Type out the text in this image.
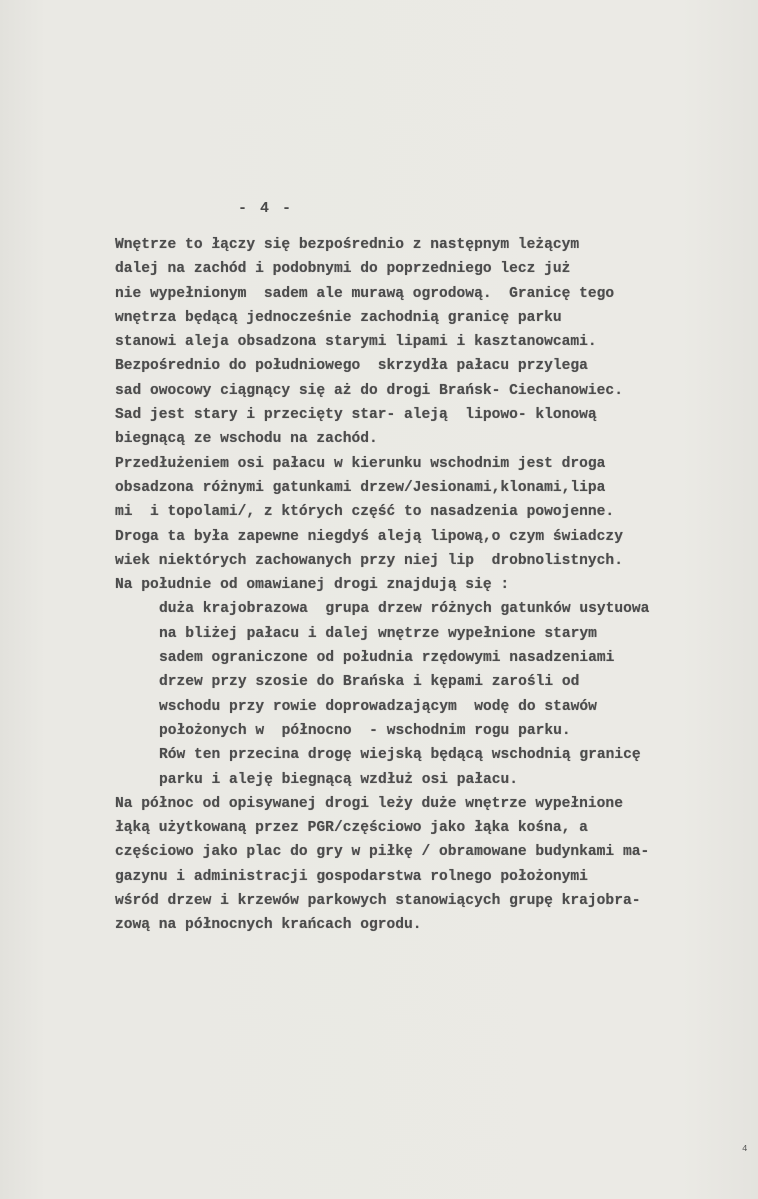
- 4 -
Wnętrze to łączy się bezpośrednio z następnym leżącym
dalej na zachód i podobnymi do poprzedniego lecz już
nie wypełnionym  sadem ale murawą ogrodową.  Granicę tego
wnętrza będącą jednocześnie zachodnią granicę parku
stanowi aleja obsadzona starymi lipami i kasztanowcami.
Bezpośrednio do południowego  skrzydła pałacu przylega
sad owocowy ciągnący się aż do drogi Brańsk- Ciechanowiec.
Sad jest stary i przecięty star- aleją  lipowo- klonową
biegnącą ze wschodu na zachód.
Przedłużeniem osi pałacu w kierunku wschodnim jest droga
obsadzona różnymi gatunkami drzew/Jesionami,klonami,lipa
mi  i topolami/, z których część to nasadzenia powojenne.
Droga ta była zapewne niegdyś aleją lipową,o czym świadczy
wiek niektórych zachowanych przy niej lip  drobnolistnych.
Na południe od omawianej drogi znajdują się :
duża krajobrazowa  grupa drzew różnych gatunków usytuowa
na bliżej pałacu i dalej wnętrze wypełnione starym
sadem ograniczone od południa rzędowymi nasadzeniami
drzew przy szosie do Brańska i kępami zarośli od
wschodu przy rowie doprowadzającym  wodę do stawów
położonych w  północno  - wschodnim rogu parku.
Rów ten przecina drogę wiejską będącą wschodnią granicę
parku i aleję biegnącą wzdłuż osi pałacu.
Na północ od opisywanej drogi leży duże wnętrze wypełnione
łąką użytkowaną przez PGR/częściowo jako łąka kośna, a
częściowo jako plac do gry w piłkę / obramowane budynkami ma-
gazynu i administracji gospodarstwa rolnego położonymi
wśród drzew i krzewów parkowych stanowiących grupę krajobra-
zową na północnych krańcach ogrodu.
4
